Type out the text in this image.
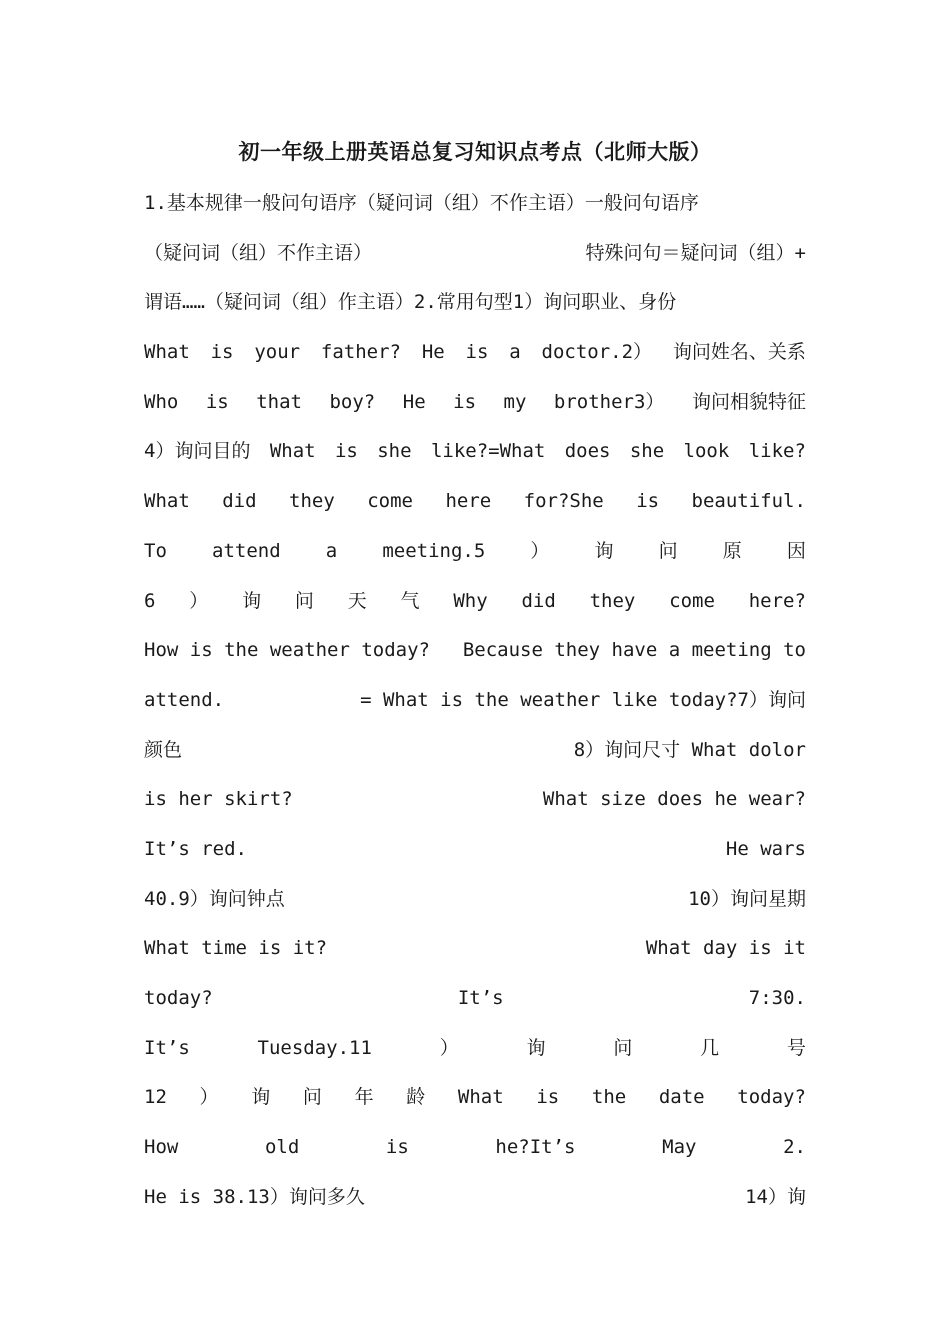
初一年级上册英语总复习知识点考点（北师大版）
1.基本规律一般问句语序（疑问词（组）不作主语）一般问句语序
（疑问词（组）不作主语）	特殊问句＝疑问词（组）+
谓语……（疑问词（组）作主语）2.常用句型1）询问职业、身份
What is your father? He is a doctor.2） 询问姓名、关系
Who is that boy? He is my brother3） 询问相貌特征
4）询问目的 What is she like?=What does she look like?
What did they come here for?She is beautiful.
To attend a meeting.5 ） 询 问 原 因
6 ） 询 问 天 气 Why did they come here?
How is the weather today? Because they have a meeting to
attend.	= What is the weather like today?7）询问
颜色	8）询问尺寸 What dolor
is her skirt?	What size does he wear?
It’s red.	He wars
40.9）询问钟点	10）询问星期
What time is it?	What day is it
today?	It’s	7:30.
It’s	Tuesday.11	）	询	问	几	号
12 ） 询 问 年 龄 What is the date today?
How	old	is	he?It’s	May	2.
He is 38.13）询问多久	14）询
